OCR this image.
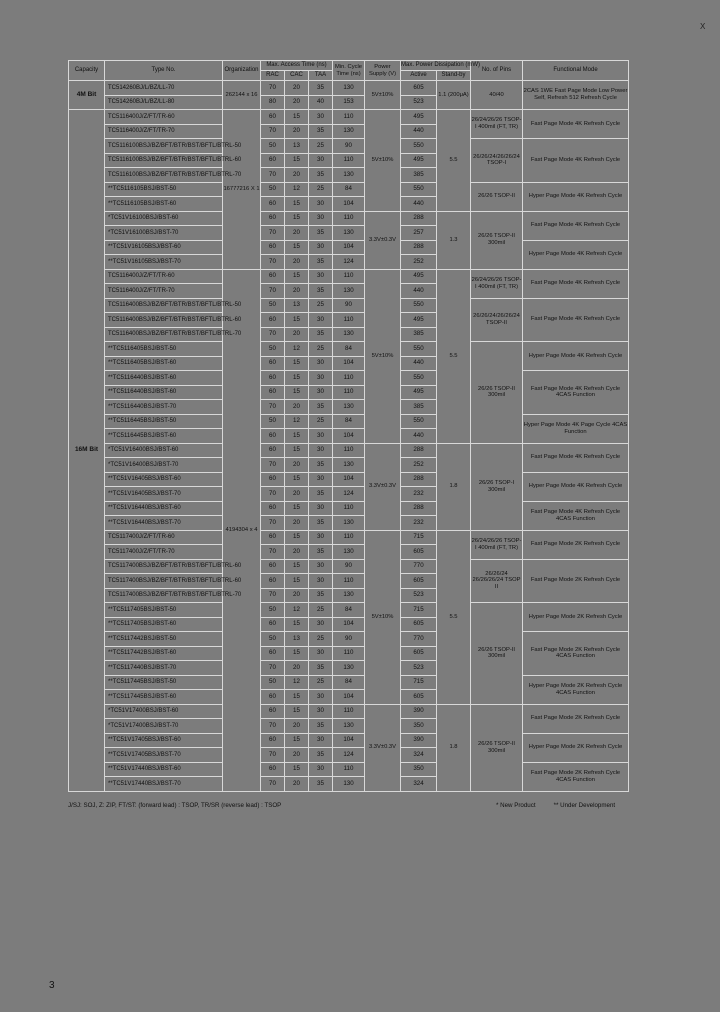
X
Capacity	Type No.	Organization	Max. Access Time (ns)			Min. Cycle Time (ns)	Power Supply (V)	Max. Power Dissipation (mW)		No. of Pins	Functional Mode
			RAC	CAC	TAA			Active	Stand-by		
4M Bit	TC514260BJ/L/BZ/LL-70	262144 x 16	70	20	35	130	5V±10%	605	1.1 (200μA)	40/40	2CAS 1WE Fast Page Mode Low Power Self, Refresh 512 Refresh Cycle
	TC514260BJ/L/BZ/LL-80		80	20	40	153		523			
16M Bit	TC5116400J/Z/FT/TR-60	16777216 X 1	60	15	30	110	5V±10%	495	5.5	26/24/26/26 TSOP-I 400mil (FT, TR)	Fast Page Mode 4K Refresh Cycle
	TC5116400J/Z/FT/TR-70		70	20	35	130		440			
	TC5116100BSJ/BZ/BFT/BTR/BST/BFTL/BTRL-50		50	13	25	90		550		26/26/24/26/26/24 TSOP-I	Fast Page Mode 4K Refresh Cycle
	TC5116100BSJ/BZ/BFT/BTR/BST/BFTL/BTRL-60		60	15	30	110		495			
	TC5116100BSJ/BZ/BFT/BTR/BST/BFTL/BTRL-70		70	20	35	130		385			
	**TC5116105BSJ/BST-50		50	12	25	84		550		26/26 TSOP-II	Hyper Page Mode 4K Refresh Cycle
	**TC5116105BSJ/BST-60		60	15	30	104		440			
	*TC51V16100BSJ/BST-60		60	15	30	110	3.3V±0.3V	288	1.3	26/26 TSOP-II 300mil	Fast Page Mode 4K Refresh Cycle
	*TC51V16100BSJ/BST-70		70	20	35	130		257			
	**TC51V16105BSJ/BST-60		60	15	30	104		288			Hyper Page Mode 4K Refresh Cycle
	**TC51V16105BSJ/BST-70		70	20	35	124		252			
	TC5116400J/Z/FT/TR-60	4194304 x 4	60	15	30	110	5V±10%	495	5.5	26/24/26/26 TSOP-I 400mil (FT, TR)	Fast Page Mode 4K Refresh Cycle
	TC5116400J/Z/FT/TR-70		70	20	35	130		440			
	TC5116400BSJ/BZ/BFT/BTR/BST/BFTL/BTRL-50		50	13	25	90		550		26/26/24/26/26/24 TSOP-II	Fast Page Mode 4K Refresh Cycle
	TC5116400BSJ/BZ/BFT/BTR/BST/BFTL/BTRL-60		60	15	30	110		495			
	TC5116400BSJ/BZ/BFT/BTR/BST/BFTL/BTRL-70		70	20	35	130		385			
	**TC5116405BSJ/BST-50		50	12	25	84		550		26/26 TSOP-II 300mil	Hyper Page Mode 4K Refresh Cycle
	**TC5116405BSJ/BST-60		60	15	30	104		440			
	**TC5116440BSJ/BST-60		60	15	30	110		550			Fast Page Mode 4K Refresh Cycle 4CAS Function
	**TC5116440BSJ/BST-60		60	15	30	110		495			
	**TC5116440BSJ/BST-70		70	20	35	130		385			
	**TC5116445BSJ/BST-50		50	12	25	84		550			Hyper Page Mode 4K Page Cycle 4CAS Function
	**TC5116445BSJ/BST-60		60	15	30	104		440			
	*TC51V16400BSJ/BST-60		60	15	30	110	3.3V±0.3V	288	1.8	26/26 TSOP-I 300mil	Fast Page Mode 4K Refresh Cycle
	*TC51V16400BSJ/BST-70		70	20	35	130		252			
	**TC51V16405BSJ/BST-60		60	15	30	104		288			Hyper Page Mode 4K Refresh Cycle
	**TC51V16405BSJ/BST-70		70	20	35	124		232			
	**TC51V16440BSJ/BST-60		60	15	30	110		288			Fast Page Mode 4K Refresh Cycle 4CAS Function
	**TC51V16440BSJ/BST-70		70	20	35	130		232			
	TC5117400J/Z/FT/TR-60		60	15	30	110	5V±10%	715	5.5	26/24/26/26 TSOP-I 400mil (FT, TR)	Fast Page Mode 2K Refresh Cycle
	TC5117400J/Z/FT/TR-70		70	20	35	130		605			
	TC5117400BSJ/BZ/BFT/BTR/BST/BFTL/BTRL-60		60	15	30	90		770		26/26/24 26/26/26/24 TSOP II	Fast Page Mode 2K Refresh Cycle
	TC5117400BSJ/BZ/BFT/BTR/BST/BFTL/BTRL-60		60	15	30	110		605			
	TC5117400BSJ/BZ/BFT/BTR/BST/BFTL/BTRL-70		70	20	35	130		523			
	**TC5117405BSJ/BST-50		50	12	25	84		715		26/26 TSOP-II 300mil	Hyper Page Mode 2K Refresh Cycle
	**TC5117405BSJ/BST-60		60	15	30	104		605			
	**TC5117442BSJ/BST-50		50	13	25	90		770			Fast Page Mode 2K Refresh Cycle 4CAS Function
	**TC5117442BSJ/BST-60		60	15	30	110		605			
	**TC5117440BSJ/BST-70		70	20	35	130		523			
	**TC5117445BSJ/BST-50		50	12	25	84		715			Hyper Page Mode 2K Refresh Cycle 4CAS Function
	**TC5117445BSJ/BST-60		60	15	30	104		605			
	*TC51V17400BSJ/BST-60		60	15	30	110	3.3V±0.3V	390	1.8	26/26 TSOP-II 300mil	Fast Page Mode 2K Refresh Cycle
	*TC51V17400BSJ/BST-70		70	20	35	130		350			
	**TC51V17405BSJ/BST-60		60	15	30	104		390			Hyper Page Mode 2K Refresh Cycle
	**TC51V17405BSJ/BST-70		70	20	35	124		324			
	**TC51V17440BSJ/BST-60		60	15	30	110		350			Fast Page Mode 2K Refresh Cycle 4CAS Function
	**TC51V17440BSJ/BST-70		70	20	35	130		324			
J/SJ: SOJ, Z: ZIP, FT/ST: (forward lead) : TSOP, TR/SR (reverse lead) : TSOP	* New Product	** Under Development
3
